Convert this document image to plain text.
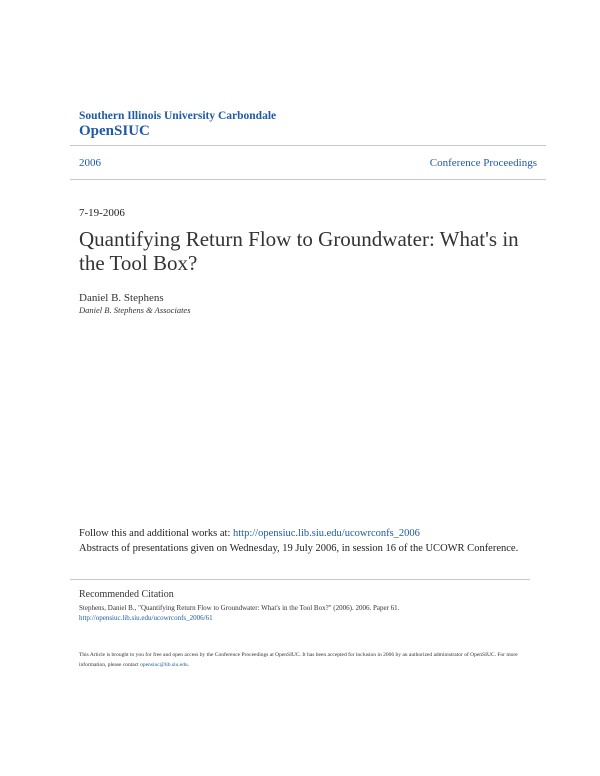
Southern Illinois University Carbondale
OpenSIUC
2006	Conference Proceedings
7-19-2006
Quantifying Return Flow to Groundwater: What's in the Tool Box?
Daniel B. Stephens
Daniel B. Stephens & Associates
Follow this and additional works at: http://opensiuc.lib.siu.edu/ucowrconfs_2006
Abstracts of presentations given on Wednesday, 19 July 2006, in session 16 of the UCOWR Conference.
Recommended Citation
Stephens, Daniel B., "Quantifying Return Flow to Groundwater: What's in the Tool Box?" (2006). 2006. Paper 61.
http://opensiuc.lib.siu.edu/ucowrconfs_2006/61
This Article is brought to you for free and open access by the Conference Proceedings at OpenSIUC. It has been accepted for inclusion in 2006 by an authorized administrator of OpenSIUC. For more information, please contact opensiuc@lib.siu.edu.
